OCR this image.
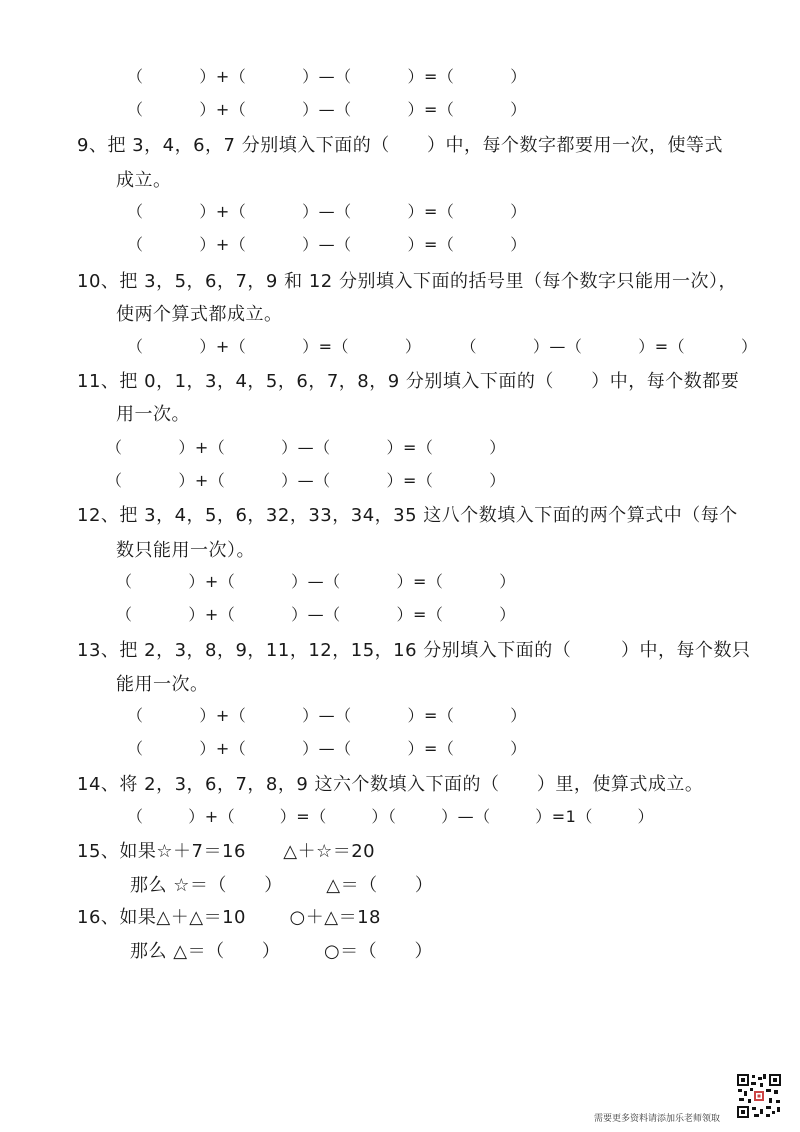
（          ）+（          ）—（          ）=（          ）
（          ）+（          ）—（          ）=（          ）
9、把 3，4，6，7 分别填入下面的（      ）中，每个数字都要用一次，使等式
成立。
（          ）+（          ）—（          ）=（          ）
（          ）+（          ）—（          ）=（          ）
10、把 3，5，6，7，9 和 12 分别填入下面的括号里（每个数字只能用一次），
使两个算式都成立。
（          ）+（          ）=（          ）       （          ）—（          ）=（          ）
11、把 0，1，3，4，5，6，7，8，9 分别填入下面的（      ）中，每个数都要
用一次。
（          ）+（          ）—（          ）=（          ）
（          ）+（          ）—（          ）=（          ）
12、把 3，4，5，6，32，33，34，35 这八个数填入下面的两个算式中（每个
数只能用一次）。
（          ）+（          ）—（          ）=（          ）
（          ）+（          ）—（          ）=（          ）
13、把 2，3，8，9，11，12，15，16 分别填入下面的（        ）中，每个数只
能用一次。
（          ）+（          ）—（          ）=（          ）
（          ）+（          ）—（          ）=（          ）
14、将 2，3，6，7，8，9 这六个数填入下面的（      ）里，使算式成立。
（        ）+（        ）=（        ）（        ）—（        ）=1（        ）
15、如果☆＋7＝16      △＋☆＝20
那么 ☆＝（      ）       △＝（      ）
16、如果△＋△＝10       ○＋△＝18
那么 △＝（      ）       ○＝（      ）
需要更多资料请添加乐老师领取
